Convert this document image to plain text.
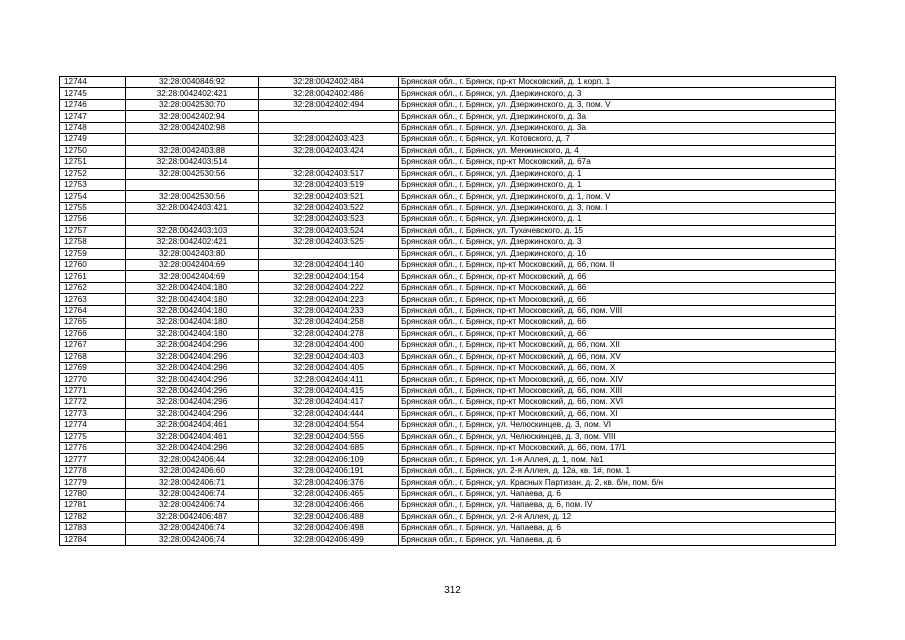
12744	32:28:0040846:92	32:28:0042402:484	Брянская обл., г. Брянск, пр-кт Московский, д. 1 корп. 1
12745	32:28:0042402:421	32:28:0042402:486	Брянская обл., г. Брянск, ул. Дзержинского, д. 3
12746	32:28:0042530:70	32:28:0042402:494	Брянская обл., г. Брянск, ул. Дзержинского, д. 3, пом. V
12747	32:28:0042402:94		Брянская обл., г. Брянск, ул. Дзержинского, д. 3а
12748	32:28:0042402:98		Брянская обл., г. Брянск, ул. Дзержинского, д. 3а
12749		32:28:0042403:423	Брянская обл., г. Брянск, ул. Котовского, д. 7
12750	32:28:0042403:88	32:28:0042403:424	Брянская обл., г. Брянск, ул. Менжинского, д. 4
12751	32:28:0042403:514		Брянская обл., г. Брянск, пр-кт Московский, д. 67а
12752	32:28:0042530:56	32:28:0042403:517	Брянская обл., г. Брянск, ул. Дзержинского, д. 1
12753		32:28:0042403:519	Брянская обл., г. Брянск, ул. Дзержинского, д. 1
12754	32:28:0042530:56	32:28:0042403:521	Брянская обл., г. Брянск, ул. Дзержинского, д. 1, пом. V
12755	32:28:0042403:421	32:28:0042403:522	Брянская обл., г. Брянск, ул. Дзержинского, д. 3, пом. I
12756		32:28:0042403:523	Брянская обл., г. Брянск, ул. Дзержинского, д. 1
12757	32:28:0042403:103	32:28:0042403:524	Брянская обл., г. Брянск, ул. Тухачевского, д. 15
12758	32:28:0042402:421	32:28:0042403:525	Брянская обл., г. Брянск, ул. Дзержинского, д. 3
12759	32:28:0042403:80		Брянская обл., г. Брянск, ул. Дзержинского, д. 1б
12760	32:28:0042404:69	32:28:0042404:140	Брянская обл., г. Брянск, пр-кт Московский, д. 66, пом. II
12761	32:28:0042404:69	32:28:0042404:154	Брянская обл., г. Брянск, пр-кт Московский, д. 66
12762	32:28:0042404:180	32:28:0042404:222	Брянская обл., г. Брянск, пр-кт Московский, д. 66
12763	32:28:0042404:180	32:28:0042404:223	Брянская обл., г. Брянск, пр-кт Московский, д. 66
12764	32:28:0042404:180	32:28:0042404:233	Брянская обл., г. Брянск, пр-кт Московский, д. 66, пом. VIII
12765	32:28:0042404:180	32:28:0042404:258	Брянская обл., г. Брянск, пр-кт Московский, д. 66
12766	32:28:0042404:180	32:28:0042404:278	Брянская обл., г. Брянск, пр-кт Московский, д. 66
12767	32:28:0042404:296	32:28:0042404:400	Брянская обл., г. Брянск, пр-кт Московский, д. 66, пом. XII
12768	32:28:0042404:296	32:28:0042404:403	Брянская обл., г. Брянск, пр-кт Московский, д. 66, пом. XV
12769	32:28:0042404:296	32:28:0042404:405	Брянская обл., г. Брянск, пр-кт Московский, д. 66, пом. X
12770	32:28:0042404:296	32:28:0042404:411	Брянская обл., г. Брянск, пр-кт Московский, д. 66, пом. XIV
12771	32:28:0042404:296	32:28:0042404:415	Брянская обл., г. Брянск, пр-кт Московский, д. 66, пом. XIII
12772	32:28:0042404:296	32:28:0042404:417	Брянская обл., г. Брянск, пр-кт Московский, д. 66, пом. XVI
12773	32:28:0042404:296	32:28:0042404:444	Брянская обл., г. Брянск, пр-кт Московский, д. 66, пом. XI
12774	32:28:0042404:461	32:28:0042404:554	Брянская обл., г. Брянск, ул. Челюскинцев, д. 3, пом. VI
12775	32:28:0042404:461	32:28:0042404:556	Брянская обл., г. Брянск, ул. Челюскинцев, д. 3, пом. VIII
12776	32:28:0042404:296	32:28:0042404:685	Брянская обл., г. Брянск, пр-кт Московский, д. 66, пом. 17/1
12777	32:28:0042406:44	32:28:0042406:109	Брянская обл., г. Брянск, ул. 1-я Аллея, д. 1, пом. №1
12778	32:28:0042406:60	32:28:0042406:191	Брянская обл., г. Брянск, ул. 2-я Аллея, д. 12а, кв. 1#, пом. 1
12779	32:28:0042406:71	32:28:0042406:376	Брянская обл., г. Брянск, ул. Красных Партизан, д. 2, кв. б/н, пом. б/н
12780	32:28:0042406:74	32:28:0042406:465	Брянская обл., г. Брянск, ул. Чапаева, д. 6
12781	32:28:0042406:74	32:28:0042406:466	Брянская обл., г. Брянск, ул. Чапаева, д. 6, пом. IV
12782	32:28:0042406:487	32:28:0042406:488	Брянская обл., г. Брянск, ул. 2-я Аллея, д. 12
12783	32:28:0042406:74	32:28:0042406:498	Брянская обл., г. Брянск, ул. Чапаева, д. 6
12784	32:28:0042406:74	32:28:0042406:499	Брянская обл., г. Брянск, ул. Чапаева, д. 6
312
